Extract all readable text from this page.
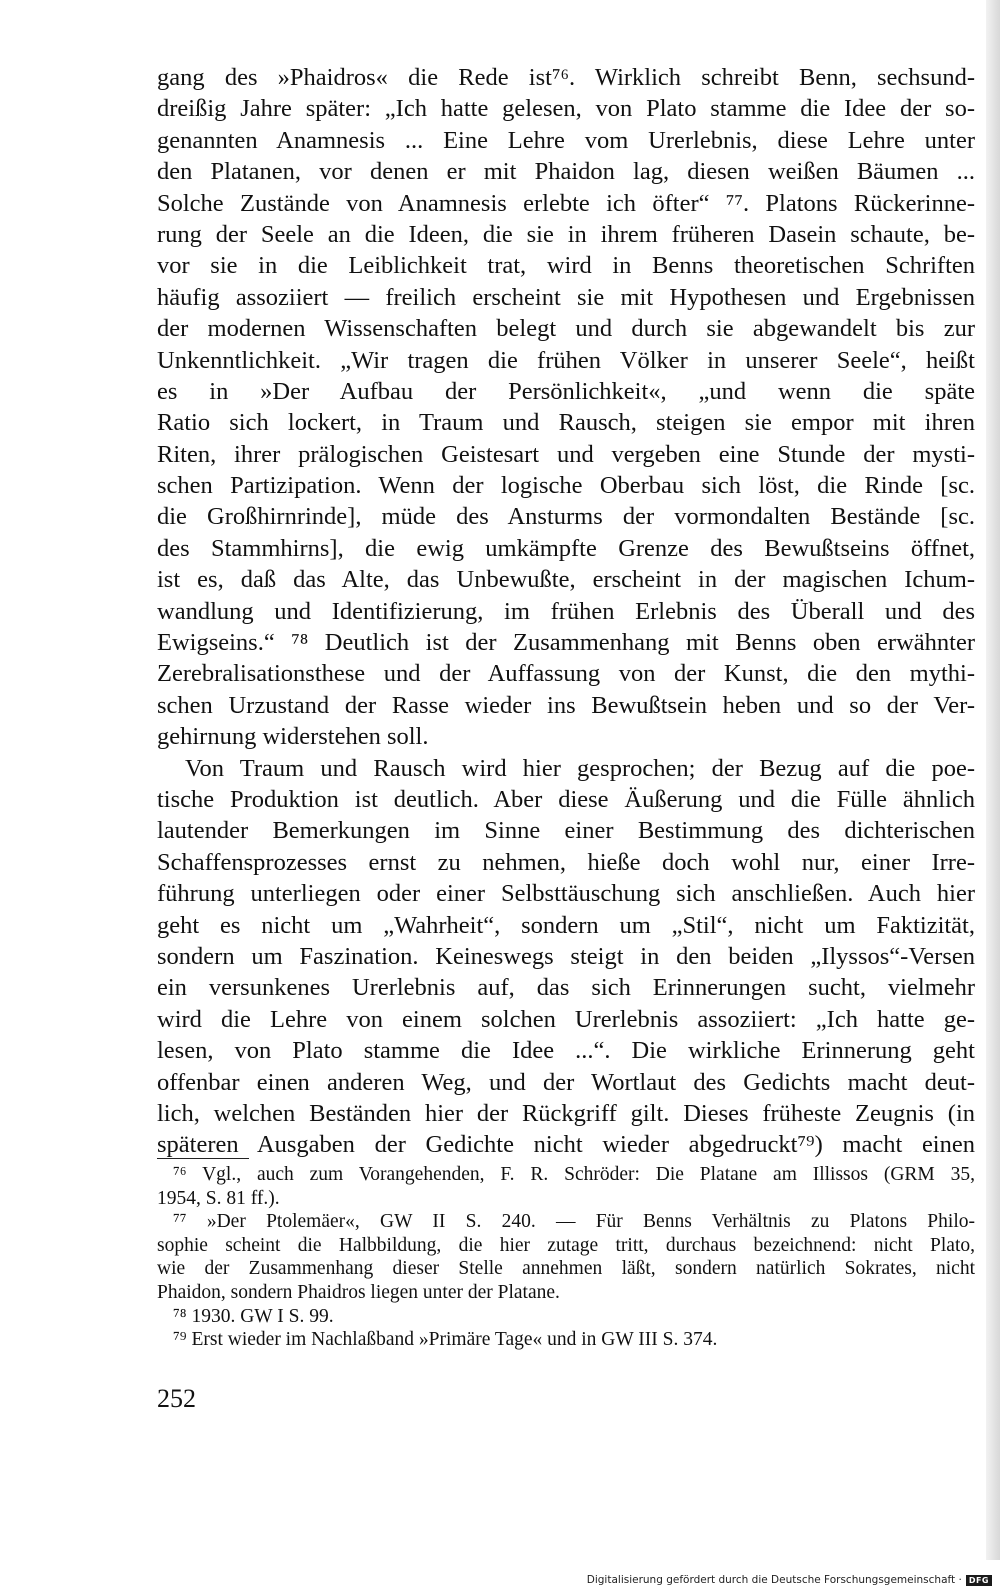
gang des »Phaidros« die Rede ist⁷⁶. Wirklich schreibt Benn, sechsund-
dreißig Jahre später: „Ich hatte gelesen, von Plato stamme die Idee der so-
genannten Anamnesis ... Eine Lehre vom Urerlebnis, diese Lehre unter
den Platanen, vor denen er mit Phaidon lag, diesen weißen Bäumen ...
Solche Zustände von Anamnesis erlebte ich öfter“ ⁷⁷. Platons Rückerinne-
rung der Seele an die Ideen, die sie in ihrem früheren Dasein schaute, be-
vor sie in die Leiblichkeit trat, wird in Benns theoretischen Schriften
häufig assoziiert — freilich erscheint sie mit Hypothesen und Ergebnissen
der modernen Wissenschaften belegt und durch sie abgewandelt bis zur
Unkenntlichkeit. „Wir tragen die frühen Völker in unserer Seele“, heißt
es in »Der Aufbau der Persönlichkeit«, „und wenn die späte
Ratio sich lockert, in Traum und Rausch, steigen sie empor mit ihren
Riten, ihrer prälogischen Geistesart und vergeben eine Stunde der mysti-
schen Partizipation. Wenn der logische Oberbau sich löst, die Rinde [sc.
die Großhirnrinde], müde des Ansturms der vormondalten Bestände [sc.
des Stammhirns], die ewig umkämpfte Grenze des Bewußtseins öffnet,
ist es, daß das Alte, das Unbewußte, erscheint in der magischen Ichum-
wandlung und Identifizierung, im frühen Erlebnis des Überall und des
Ewigseins.“ ⁷⁸ Deutlich ist der Zusammenhang mit Benns oben erwähnter
Zerebralisationsthese und der Auffassung von der Kunst, die den mythi-
schen Urzustand der Rasse wieder ins Bewußtsein heben und so der Ver-
gehirnung widerstehen soll.
Von Traum und Rausch wird hier gesprochen; der Bezug auf die poe-
tische Produktion ist deutlich. Aber diese Äußerung und die Fülle ähnlich
lautender Bemerkungen im Sinne einer Bestimmung des dichterischen
Schaffensprozesses ernst zu nehmen, hieße doch wohl nur, einer Irre-
führung unterliegen oder einer Selbsttäuschung sich anschließen. Auch hier
geht es nicht um „Wahrheit“, sondern um „Stil“, nicht um Faktizität,
sondern um Faszination. Keineswegs steigt in den beiden „Ilyssos“-Versen
ein versunkenes Urerlebnis auf, das sich Erinnerungen sucht, vielmehr
wird die Lehre von einem solchen Urerlebnis assoziiert: „Ich hatte ge-
lesen, von Plato stamme die Idee ...“. Die wirkliche Erinnerung geht
offenbar einen anderen Weg, und der Wortlaut des Gedichts macht deut-
lich, welchen Beständen hier der Rückgriff gilt. Dieses früheste Zeugnis (in
späteren Ausgaben der Gedichte nicht wieder abgedruckt⁷⁹) macht einen
⁷⁶ Vgl., auch zum Vorangehenden, F. R. Schröder: Die Platane am Illissos (GRM 35,
1954, S. 81 ff.).
⁷⁷ »Der Ptolemäer«, GW II S. 240. — Für Benns Verhältnis zu Platons Philo-
sophie scheint die Halbbildung, die hier zutage tritt, durchaus bezeichnend: nicht Plato,
wie der Zusammenhang dieser Stelle annehmen läßt, sondern natürlich Sokrates, nicht
Phaidon, sondern Phaidros liegen unter der Platane.
⁷⁸ 1930. GW I S. 99.
⁷⁹ Erst wieder im Nachlaßband »Primäre Tage« und in GW III S. 374.
252
Digitalisierung gefördert durch die Deutsche Forschungsgemeinschaft · DFG
